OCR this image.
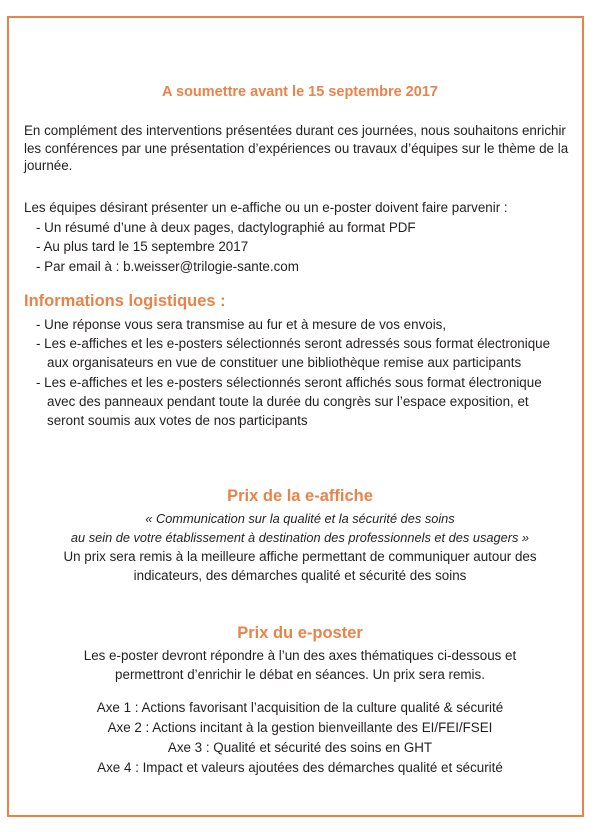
A soumettre avant le 15 septembre 2017
En complément des interventions présentées durant ces journées, nous souhaitons enrichir les conférences par une présentation d’expériences ou travaux d’équipes sur le thème de la journée.
Les équipes désirant présenter un e-affiche ou un e-poster doivent faire parvenir :
- Un résumé d’une à deux pages, dactylographié au format PDF
- Au plus tard le 15 septembre 2017
- Par email à : b.weisser@trilogie-sante.com
Informations logistiques :
- Une réponse vous sera transmise au fur et à mesure de vos envois,
- Les e-affiches et les e-posters sélectionnés seront adressés sous format électronique aux organisateurs en vue de constituer une bibliothèque remise aux participants
- Les e-affiches et les e-posters sélectionnés seront affichés sous format électronique avec des panneaux pendant toute la durée du congrès sur l’espace exposition, et seront soumis aux votes de nos participants
Prix de la e-affiche
« Communication sur la qualité et la sécurité des soins
au sein de votre établissement à destination des professionnels et des usagers »
Un prix sera remis à la meilleure affiche permettant de communiquer autour des indicateurs, des démarches qualité et sécurité des soins
Prix du e-poster
Les e-poster devront répondre à l’un des axes thématiques ci-dessous et permettront d’enrichir le débat en séances. Un prix sera remis.
Axe 1 : Actions favorisant l’acquisition de la culture qualité & sécurité
Axe 2 : Actions incitant à la gestion bienveillante des EI/FEI/FSEI
Axe 3 : Qualité et sécurité des soins en GHT
Axe 4 : Impact et valeurs ajoutées des démarches qualité et sécurité
